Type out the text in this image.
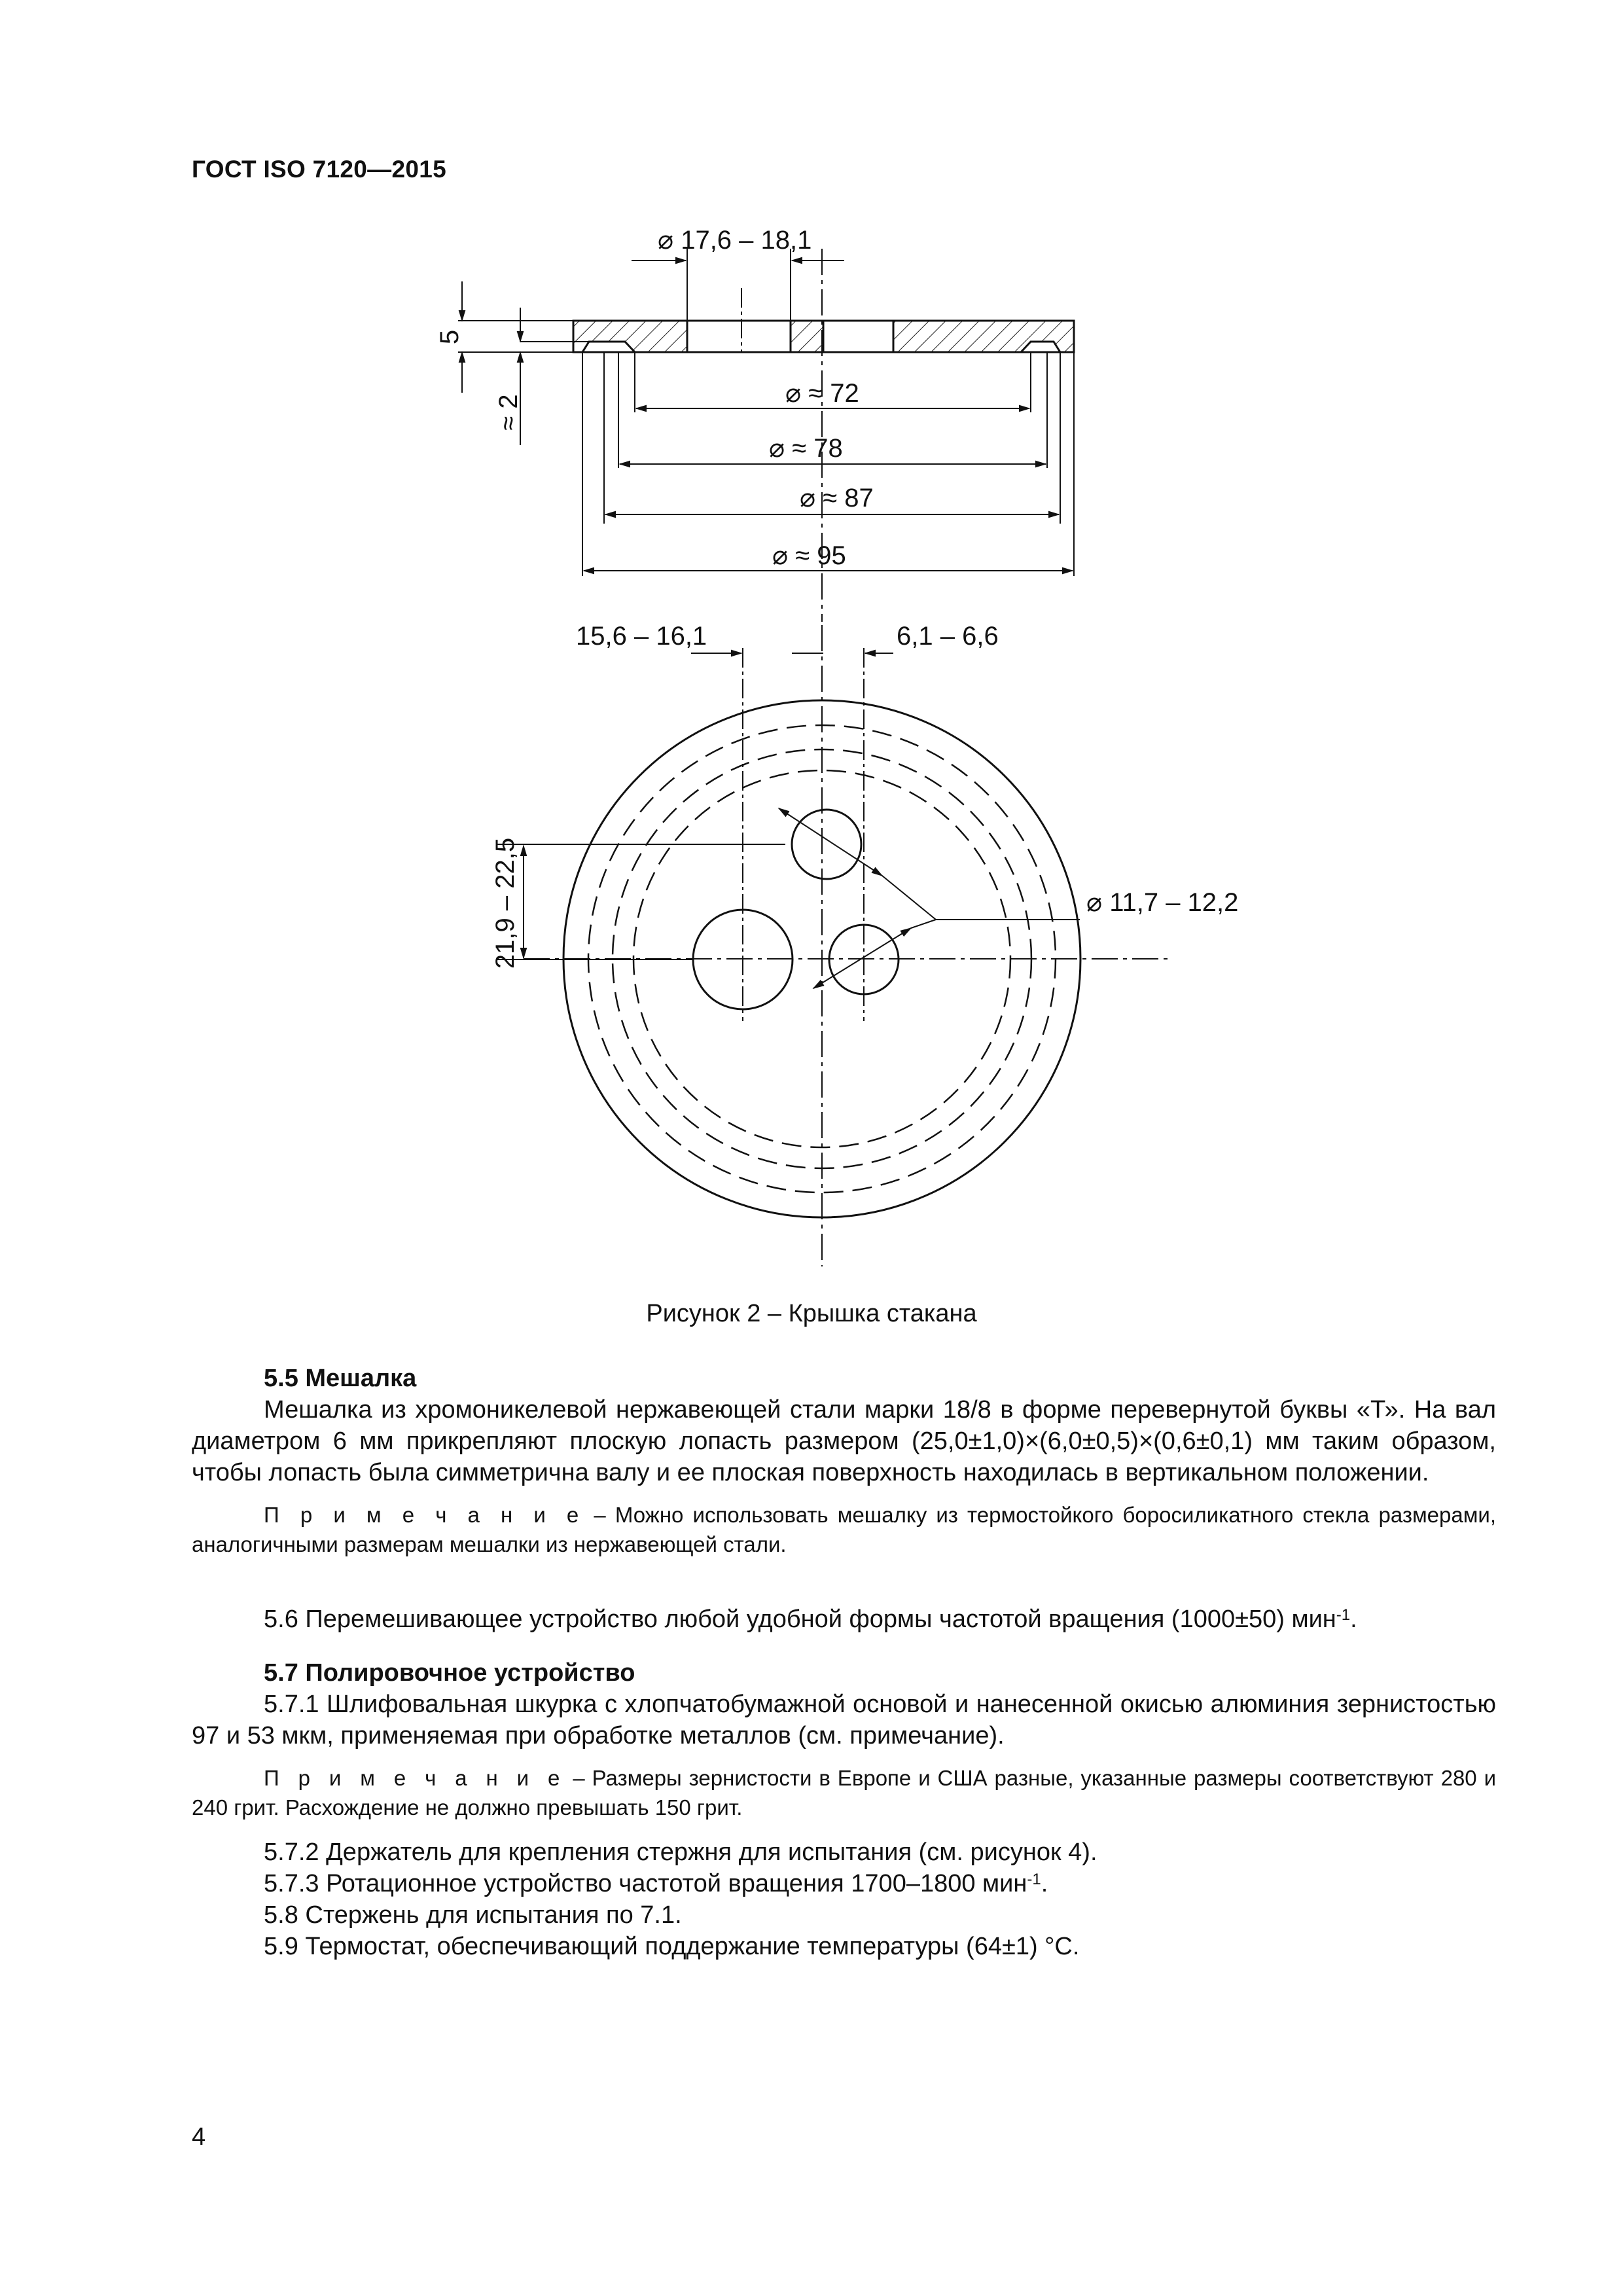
ГОСТ ISO 7120—2015
⌀ 17,6 – 18,1
5
≈ 2
⌀ ≈ 72
⌀ ≈ 78
⌀ ≈ 87
⌀ ≈ 95
15,6 – 16,1	6,1 – 6,6
21,9 – 22,5	⌀ 11,7 – 12,2
Рисунок 2 – Крышка стакана
5.5 Мешалка
Мешалка из хромоникелевой нержавеющей стали марки 18/8 в форме перевернутой буквы «Т». На вал диаметром 6 мм прикрепляют плоскую лопасть размером (25,0±1,0)×(6,0±0,5)×(0,6±0,1) мм таким образом, чтобы лопасть была симметрична валу и ее плоская поверхность находилась в вертикальном положении.
П р и м е ч а н и е – Можно использовать мешалку из термостойкого боросиликатного стекла размерами, аналогичными размерам мешалки из нержавеющей стали.
5.6 Перемешивающее устройство любой удобной формы частотой вращения (1000±50) мин$^{-1}$.
5.7 Полировочное устройство
5.7.1 Шлифовальная шкурка с хлопчатобумажной основой и нанесенной окисью алюминия зернистостью 97 и 53 мкм, применяемая при обработке металлов (см. примечание).
П р и м е ч а н и е – Размеры зернистости в Европе и США разные, указанные размеры соответствуют 280 и 240 грит. Расхождение не должно превышать 150 грит.
5.7.2 Держатель для крепления стержня для испытания (см. рисунок 4).
5.7.3 Ротационное устройство частотой вращения 1700–1800 мин$^{-1}$.
5.8 Стержень для испытания по 7.1.
5.9 Термостат, обеспечивающий поддержание температуры (64±1) °С.
4
